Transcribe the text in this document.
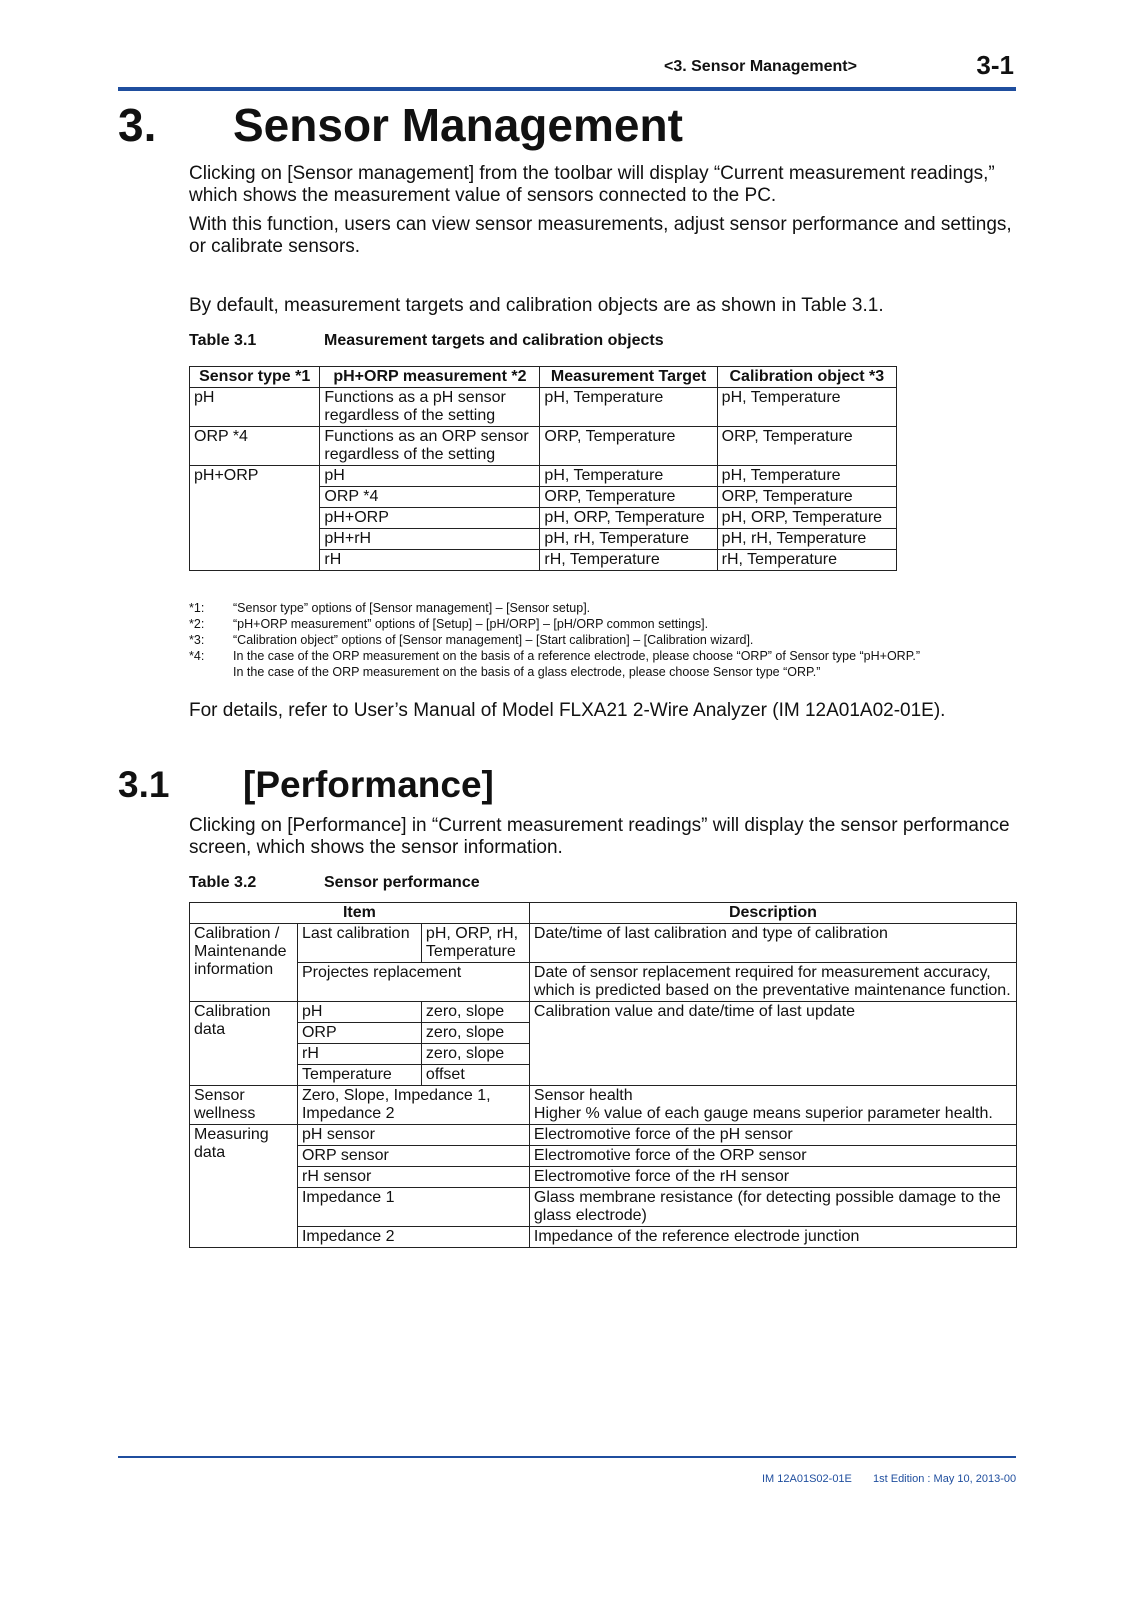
<3. Sensor Management>	3-1
3. Sensor Management

Clicking on [Sensor management] from the toolbar will display “Current measurement readings,” which shows the measurement value of sensors connected to the PC.

With this function, users can view sensor measurements, adjust sensor performance and settings, or calibrate sensors.

By default, measurement targets and calibration objects are as shown in Table 3.1.

Table 3.1	Measurement targets and calibration objects
Sensor type *1	pH+ORP measurement *2	Measurement Target	Calibration object *3
pH	Functions as a pH sensor regardless of the setting	pH, Temperature	pH, Temperature
ORP *4	Functions as an ORP sensor regardless of the setting	ORP, Temperature	ORP, Temperature
pH+ORP	pH	pH, Temperature	pH, Temperature
	ORP *4	ORP, Temperature	ORP, Temperature
	pH+ORP	pH, ORP, Temperature	pH, ORP, Temperature
	pH+rH	pH, rH, Temperature	pH, rH, Temperature
	rH	rH, Temperature	rH, Temperature
*1:	“Sensor type” options of [Sensor management] – [Sensor setup].
*2:	“pH+ORP measurement” options of [Setup] – [pH/ORP] – [pH/ORP common settings].
*3:	“Calibration object” options of [Sensor management] – [Start calibration] – [Calibration wizard].
*4:	In the case of the ORP measurement on the basis of a reference electrode, please choose “ORP” of Sensor type “pH+ORP.”
In the case of the ORP measurement on the basis of a glass electrode, please choose Sensor type “ORP.”

For details, refer to User’s Manual of Model FLXA21 2-Wire Analyzer (IM 12A01A02-01E).

3.1 [Performance]

Clicking on [Performance] in “Current measurement readings” will display the sensor performance screen, which shows the sensor information.

Table 3.2	Sensor performance
Item			Description
Calibration / Maintenande information	Last calibration	pH, ORP, rH, Temperature	Date/time of last calibration and type of calibration
	Projectes replacement		Date of sensor replacement required for measurement accuracy, which is predicted based on the preventative maintenance function.
Calibration data	pH	zero, slope	Calibration value and date/time of last update
	ORP	zero, slope	
	rH	zero, slope	
	Temperature	offset	
Sensor wellness	Zero, Slope, Impedance 1, Impedance 2		Sensor health
Higher % value of each gauge means superior parameter health.

Measuring data	pH sensor		Electromotive force of the pH sensor
	ORP sensor		Electromotive force of the ORP sensor
	rH sensor		Electromotive force of the rH sensor
	Impedance 1		Glass membrane resistance (for detecting possible damage to the glass electrode)
	Impedance 2		Impedance of the reference electrode junction
IM 12A01S02-01E 1st Edition : May 10, 2013-00
